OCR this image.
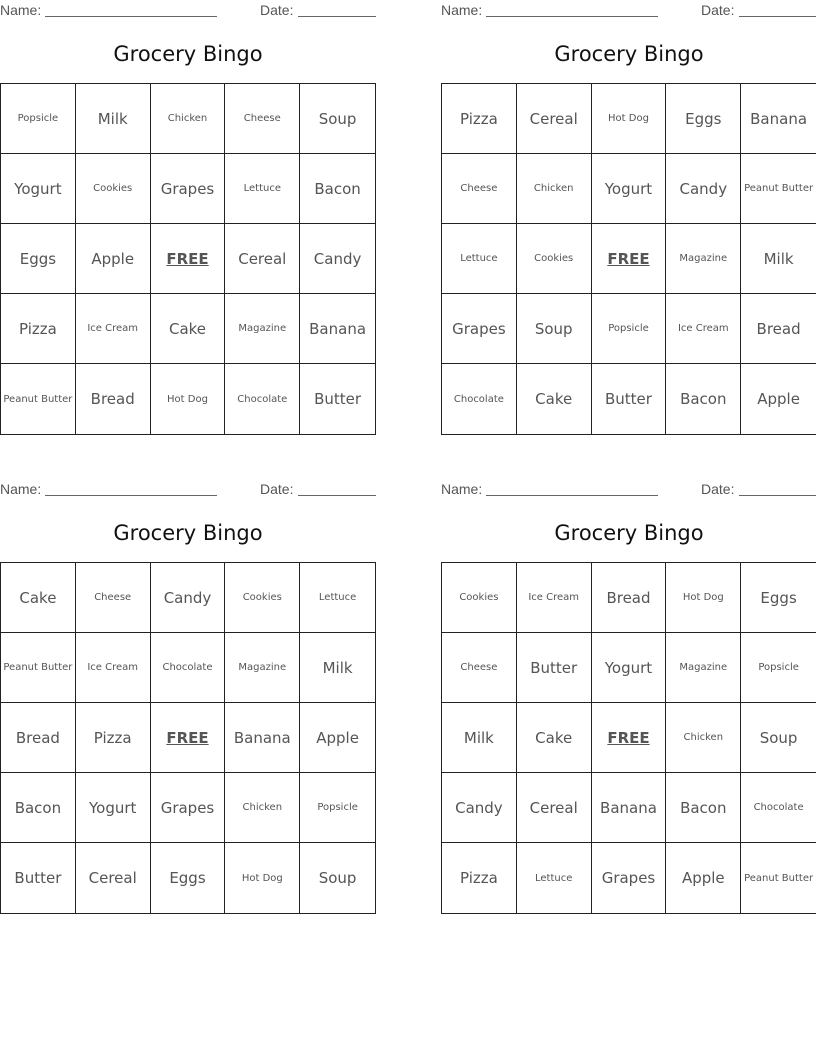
Name:	Date:
Grocery Bingo
Popsicle	Milk	Chicken	Cheese	Soup
Yogurt	Cookies	Grapes	Lettuce	Bacon
Eggs	Apple	FREE	Cereal	Candy
Pizza	Ice Cream	Cake	Magazine	Banana
Peanut Butter	Bread	Hot Dog	Chocolate	Butter
Name:	Date:
Grocery Bingo
Pizza	Cereal	Hot Dog	Eggs	Banana
Cheese	Chicken	Yogurt	Candy	Peanut Butter
Lettuce	Cookies	FREE	Magazine	Milk
Grapes	Soup	Popsicle	Ice Cream	Bread
Chocolate	Cake	Butter	Bacon	Apple
Name:	Date:
Grocery Bingo
Cake	Cheese	Candy	Cookies	Lettuce
Peanut Butter	Ice Cream	Chocolate	Magazine	Milk
Bread	Pizza	FREE	Banana	Apple
Bacon	Yogurt	Grapes	Chicken	Popsicle
Butter	Cereal	Eggs	Hot Dog	Soup
Name:	Date:
Grocery Bingo
Cookies	Ice Cream	Bread	Hot Dog	Eggs
Cheese	Butter	Yogurt	Magazine	Popsicle
Milk	Cake	FREE	Chicken	Soup
Candy	Cereal	Banana	Bacon	Chocolate
Pizza	Lettuce	Grapes	Apple	Peanut Butter
